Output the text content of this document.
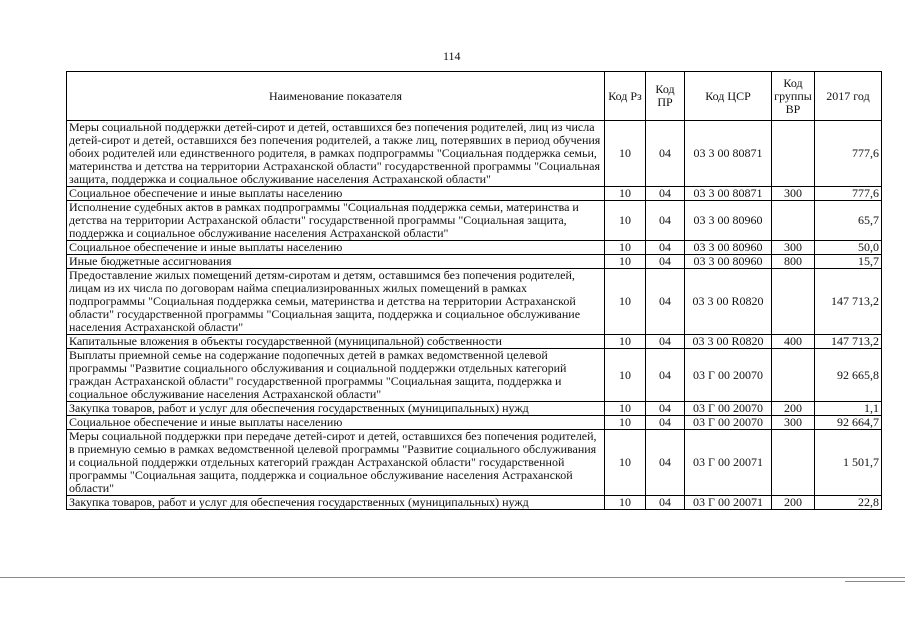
114
Наименование показателя	Код Рз	Код ПР	Код ЦСР	Код группы ВР	2017 год
Меры социальной поддержки детей-сирот и детей, оставшихся без попечения родителей, лиц из числа детей-сирот и детей, оставшихся без попечения родителей, а также лиц, потерявших в период обучения обоих родителей или единственного родителя, в рамках подпрограммы "Социальная поддержка семьи, материнства и детства на территории Астраханской области" государственной программы "Социальная защита, поддержка и социальное обслуживание населения Астраханской области"	10	04	03 3 00 80871		777,6
Социальное обеспечение и иные выплаты населению	10	04	03 3 00 80871	300	777,6
Исполнение судебных актов в рамках подпрограммы "Социальная поддержка семьи, материнства и детства на территории Астраханской области" государственной программы "Социальная защита, поддержка и социальное обслуживание населения Астраханской области"	10	04	03 3 00 80960		65,7
Социальное обеспечение и иные выплаты населению	10	04	03 3 00 80960	300	50,0
Иные бюджетные ассигнования	10	04	03 3 00 80960	800	15,7
Предоставление жилых помещений детям-сиротам и детям, оставшимся без попечения родителей, лицам из их числа по договорам найма специализированных жилых помещений в рамках подпрограммы "Социальная поддержка семьи, материнства и детства на территории Астраханской области" государственной программы "Социальная защита, поддержка и социальное обслуживание населения Астраханской области"	10	04	03 3 00 R0820		147 713,2
Капитальные вложения в объекты государственной (муниципальной) собственности	10	04	03 3 00 R0820	400	147 713,2
Выплаты приемной семье на содержание подопечных детей в рамках ведомственной целевой программы "Развитие социального обслуживания и социальной поддержки отдельных категорий граждан Астраханской области" государственной программы "Социальная защита, поддержка и социальное обслуживание населения Астраханской области"	10	04	03 Г 00 20070		92 665,8
Закупка товаров, работ и услуг для обеспечения государственных (муниципальных) нужд	10	04	03 Г 00 20070	200	1,1
Социальное обеспечение и иные выплаты населению	10	04	03 Г 00 20070	300	92 664,7
Меры социальной поддержки при передаче детей-сирот и детей, оставшихся без попечения родителей, в приемную семью в рамках ведомственной целевой программы "Развитие социального обслуживания и социальной поддержки отдельных категорий граждан Астраханской области" государственной программы "Социальная защита, поддержка и социальное обслуживание населения Астраханской области"	10	04	03 Г 00 20071		1 501,7
Закупка товаров, работ и услуг для обеспечения государственных (муниципальных) нужд	10	04	03 Г 00 20071	200	22,8
